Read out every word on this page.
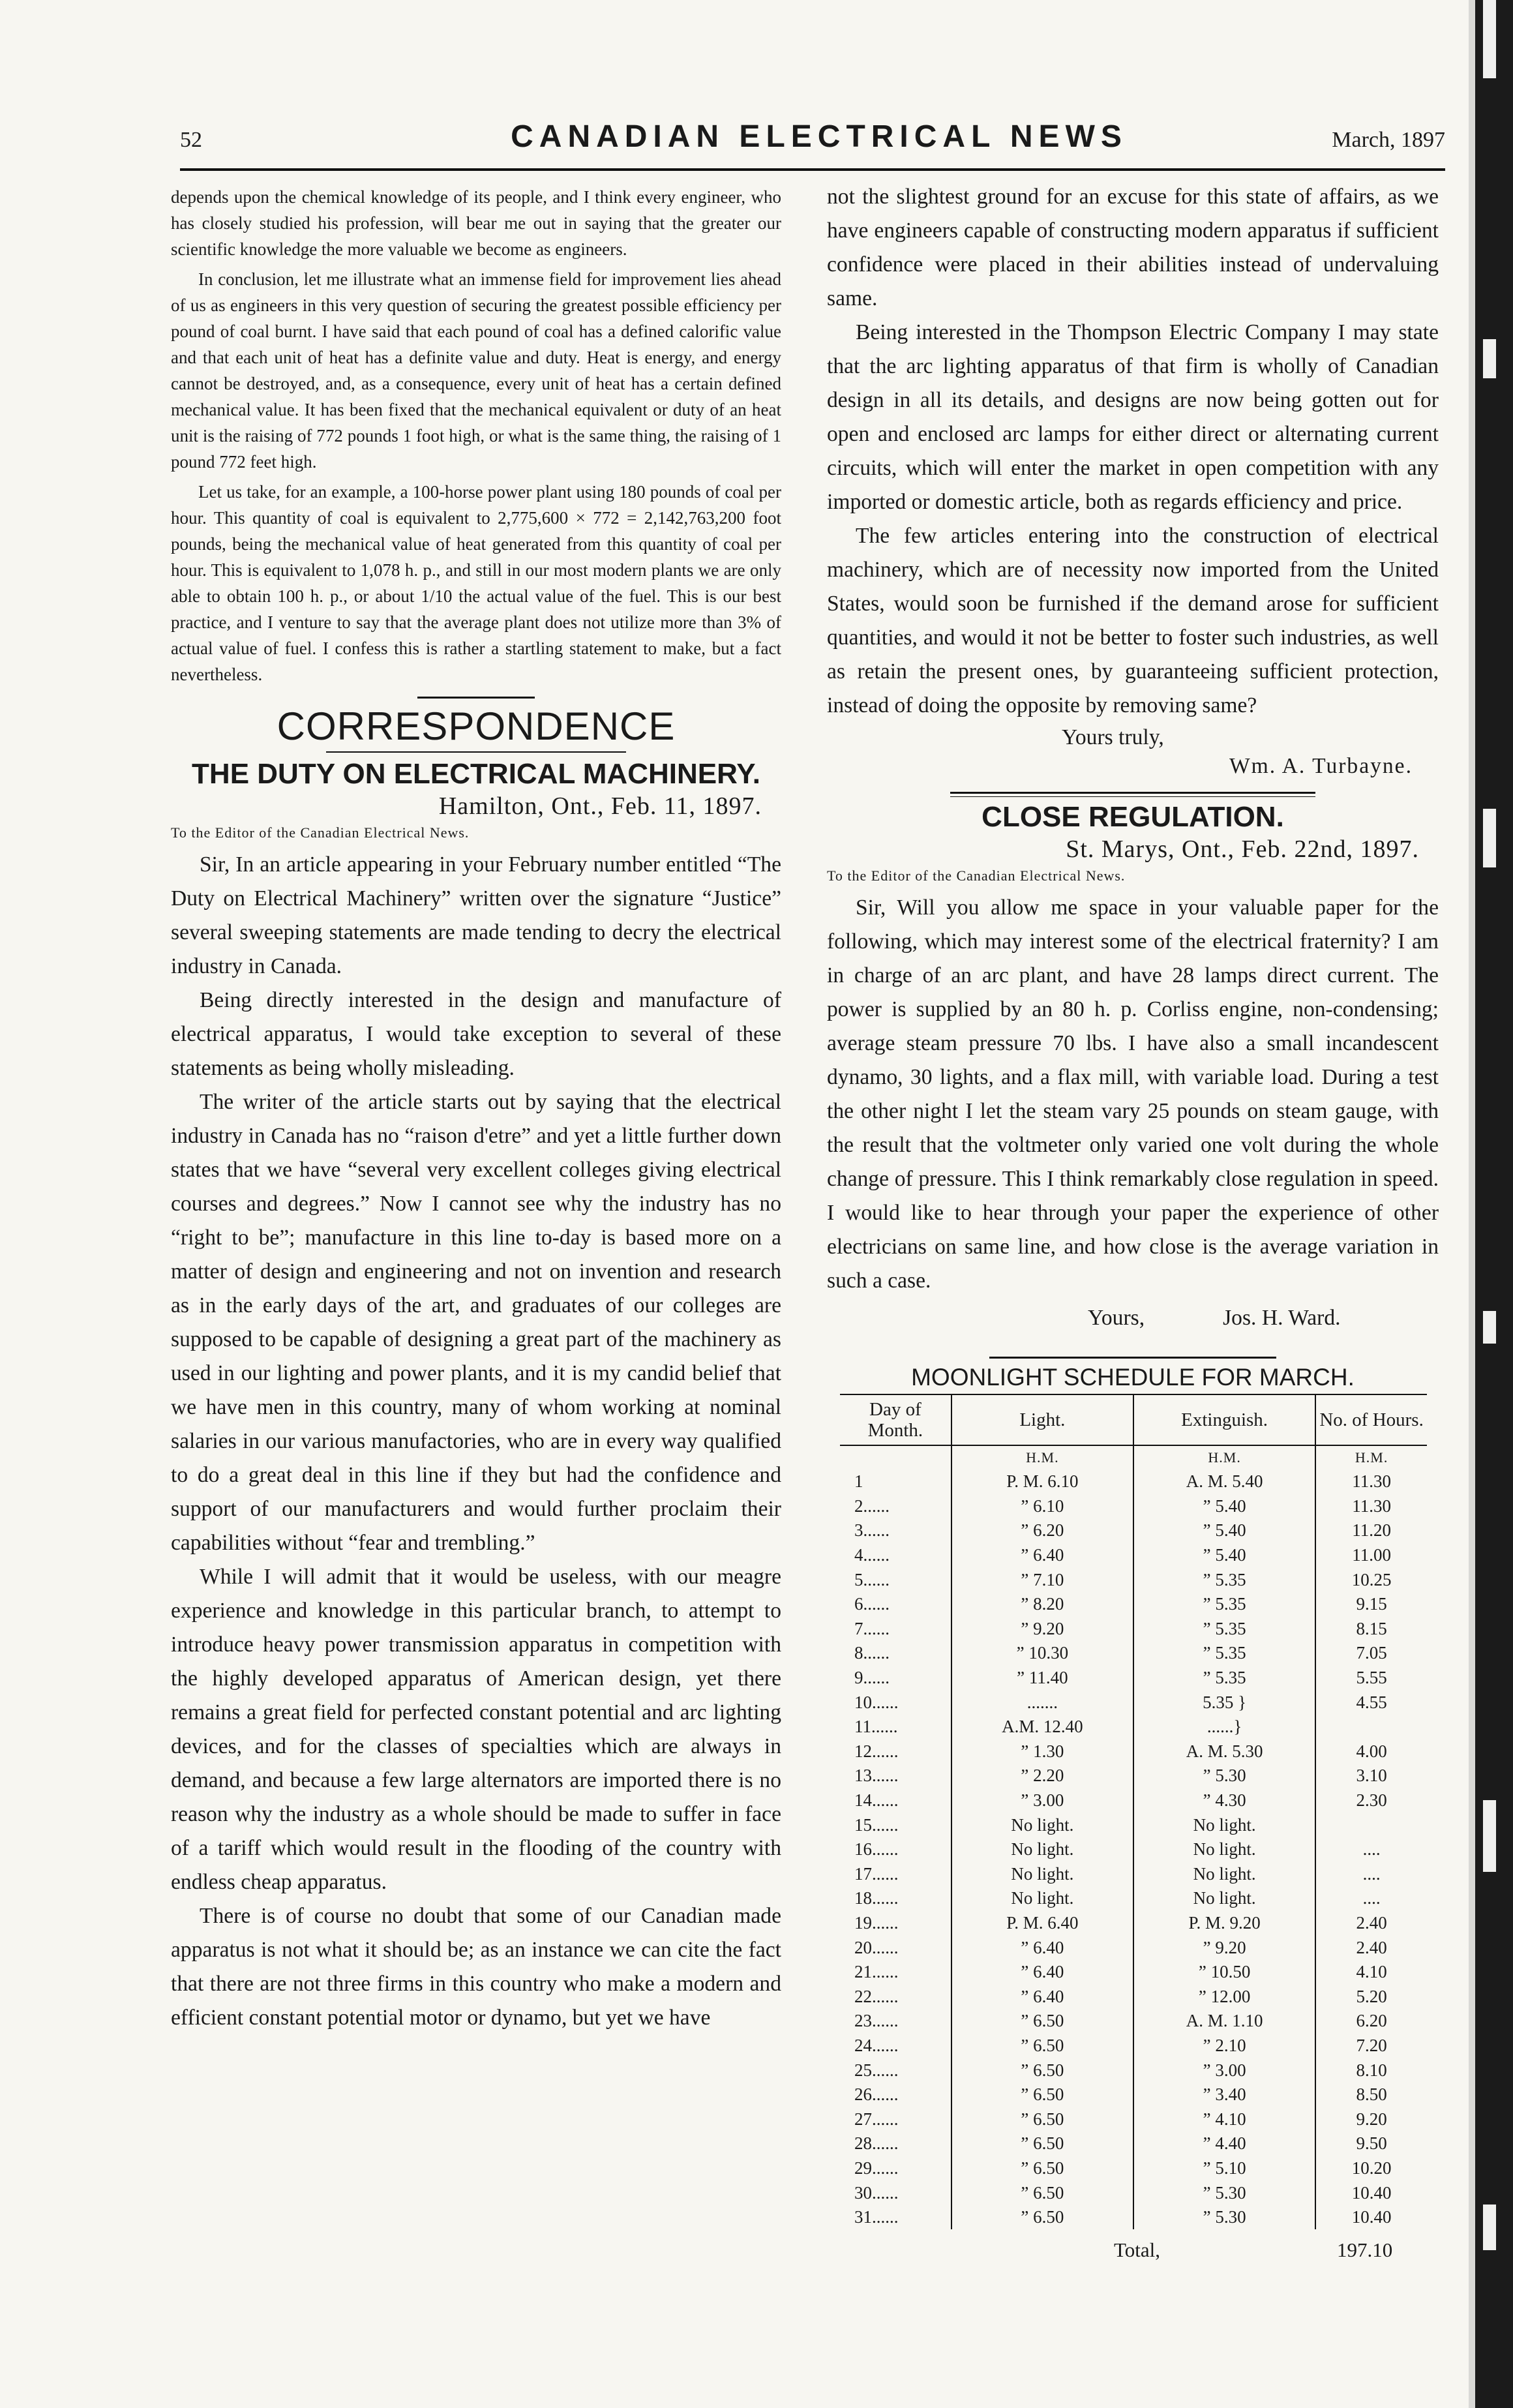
52	CANADIAN ELECTRICAL NEWS	March, 1897

depends upon the chemical knowledge of its people, and I think every engineer, who has closely studied his profession, will bear me out in saying that the greater our scientific knowledge the more valuable we become as engineers.

In conclusion, let me illustrate what an immense field for improvement lies ahead of us as engineers in this very question of securing the greatest possible efficiency per pound of coal burnt. I have said that each pound of coal has a defined calorific value and that each unit of heat has a definite value and duty. Heat is energy, and energy cannot be destroyed, and, as a consequence, every unit of heat has a certain defined mechanical value. It has been fixed that the mechanical equivalent or duty of an heat unit is the raising of 772 pounds 1 foot high, or what is the same thing, the raising of 1 pound 772 feet high.

Let us take, for an example, a 100-horse power plant using 180 pounds of coal per hour. This quantity of coal is equivalent to 2,775,600 × 772 = 2,142,763,200 foot pounds, being the mechanical value of heat generated from this quantity of coal per hour. This is equivalent to 1,078 h. p., and still in our most modern plants we are only able to obtain 100 h. p., or about 1/10 the actual value of the fuel. This is our best practice, and I venture to say that the average plant does not utilize more than 3% of actual value of fuel. I confess this is rather a startling statement to make, but a fact nevertheless.

CORRESPONDENCE
THE DUTY ON ELECTRICAL MACHINERY.
Hamilton, Ont., Feb. 11, 1897.
To the Editor of the Canadian Electrical News.

Sir, In an article appearing in your February number entitled “The Duty on Electrical Machinery” written over the signature “Justice” several sweeping statements are made tending to decry the electrical industry in Canada.

Being directly interested in the design and manufacture of electrical apparatus, I would take exception to several of these statements as being wholly misleading.

The writer of the article starts out by saying that the electrical industry in Canada has no “raison d'etre” and yet a little further down states that we have “several very excellent colleges giving electrical courses and degrees.” Now I cannot see why the industry has no “right to be”; manufacture in this line to-day is based more on a matter of design and engineering and not on invention and research as in the early days of the art, and graduates of our colleges are supposed to be capable of designing a great part of the machinery as used in our lighting and power plants, and it is my candid belief that we have men in this country, many of whom working at nominal salaries in our various manufactories, who are in every way qualified to do a great deal in this line if they but had the confidence and support of our manufacturers and would further proclaim their capabilities without “fear and trembling.”

While I will admit that it would be useless, with our meagre experience and knowledge in this particular branch, to attempt to introduce heavy power transmission apparatus in competition with the highly developed apparatus of American design, yet there remains a great field for perfected constant potential and arc lighting devices, and for the classes of specialties which are always in demand, and because a few large alternators are imported there is no reason why the industry as a whole should be made to suffer in face of a tariff which would result in the flooding of the country with endless cheap apparatus.

There is of course no doubt that some of our Canadian made apparatus is not what it should be; as an instance we can cite the fact that there are not three firms in this country who make a modern and efficient constant potential motor or dynamo, but yet we have

not the slightest ground for an excuse for this state of affairs, as we have engineers capable of constructing modern apparatus if sufficient confidence were placed in their abilities instead of undervaluing same.

Being interested in the Thompson Electric Company I may state that the arc lighting apparatus of that firm is wholly of Canadian design in all its details, and designs are now being gotten out for open and enclosed arc lamps for either direct or alternating current circuits, which will enter the market in open competition with any imported or domestic article, both as regards efficiency and price.

The few articles entering into the construction of electrical machinery, which are of necessity now imported from the United States, would soon be furnished if the demand arose for sufficient quantities, and would it not be better to foster such industries, as well as retain the present ones, by guaranteeing sufficient protection, instead of doing the opposite by removing same?

Yours truly,

Wm. A. Turbayne.

CLOSE REGULATION.
St. Marys, Ont., Feb. 22nd, 1897.
To the Editor of the Canadian Electrical News.

Sir, Will you allow me space in your valuable paper for the following, which may interest some of the electrical fraternity? I am in charge of an arc plant, and have 28 lamps direct current. The power is supplied by an 80 h. p. Corliss engine, non-condensing; average steam pressure 70 lbs. I have also a small incandescent dynamo, 30 lights, and a flax mill, with variable load. During a test the other night I let the steam vary 25 pounds on steam gauge, with the result that the voltmeter only varied one volt during the whole change of pressure. This I think remarkably close regulation in speed. I would like to hear through your paper the experience of other electricians on same line, and how close is the average variation in such a case.

Yours,	Jos. H. Ward.

MOONLIGHT SCHEDULE FOR MARCH.
Day of Month.	Light.	Extinguish.	No. of Hours.
	H.M.	H.M.	H.M.
1	P. M. 6.10	A. M. 5.40	11.30
2......	” 6.10	” 5.40	11.30
3......	” 6.20	” 5.40	11.20
4......	” 6.40	” 5.40	11.00
5......	” 7.10	” 5.35	10.25
6......	” 8.20	” 5.35	9.15
7......	” 9.20	” 5.35	8.15
8......	” 10.30	” 5.35	7.05
9......	” 11.40	” 5.35	5.55
10......	.......	5.35 }	4.55
11......	A.M. 12.40	......}	
12......	” 1.30	A. M. 5.30	4.00
13......	” 2.20	” 5.30	3.10
14......	” 3.00	” 4.30	2.30
15......	No light.	No light.	
16......	No light.	No light.	....
17......	No light.	No light.	....
18......	No light.	No light.	....
19......	P. M. 6.40	P. M. 9.20	2.40
20......	” 6.40	” 9.20	2.40
21......	” 6.40	” 10.50	4.10
22......	” 6.40	” 12.00	5.20
23......	” 6.50	A. M. 1.10	6.20
24......	” 6.50	” 2.10	7.20
25......	” 6.50	” 3.00	8.10
26......	” 6.50	” 3.40	8.50
27......	” 6.50	” 4.10	9.20
28......	” 6.50	” 4.40	9.50
29......	” 6.50	” 5.10	10.20
30......	” 6.50	” 5.30	10.40
31......	” 6.50	” 5.30	10.40
Total,	197.10
